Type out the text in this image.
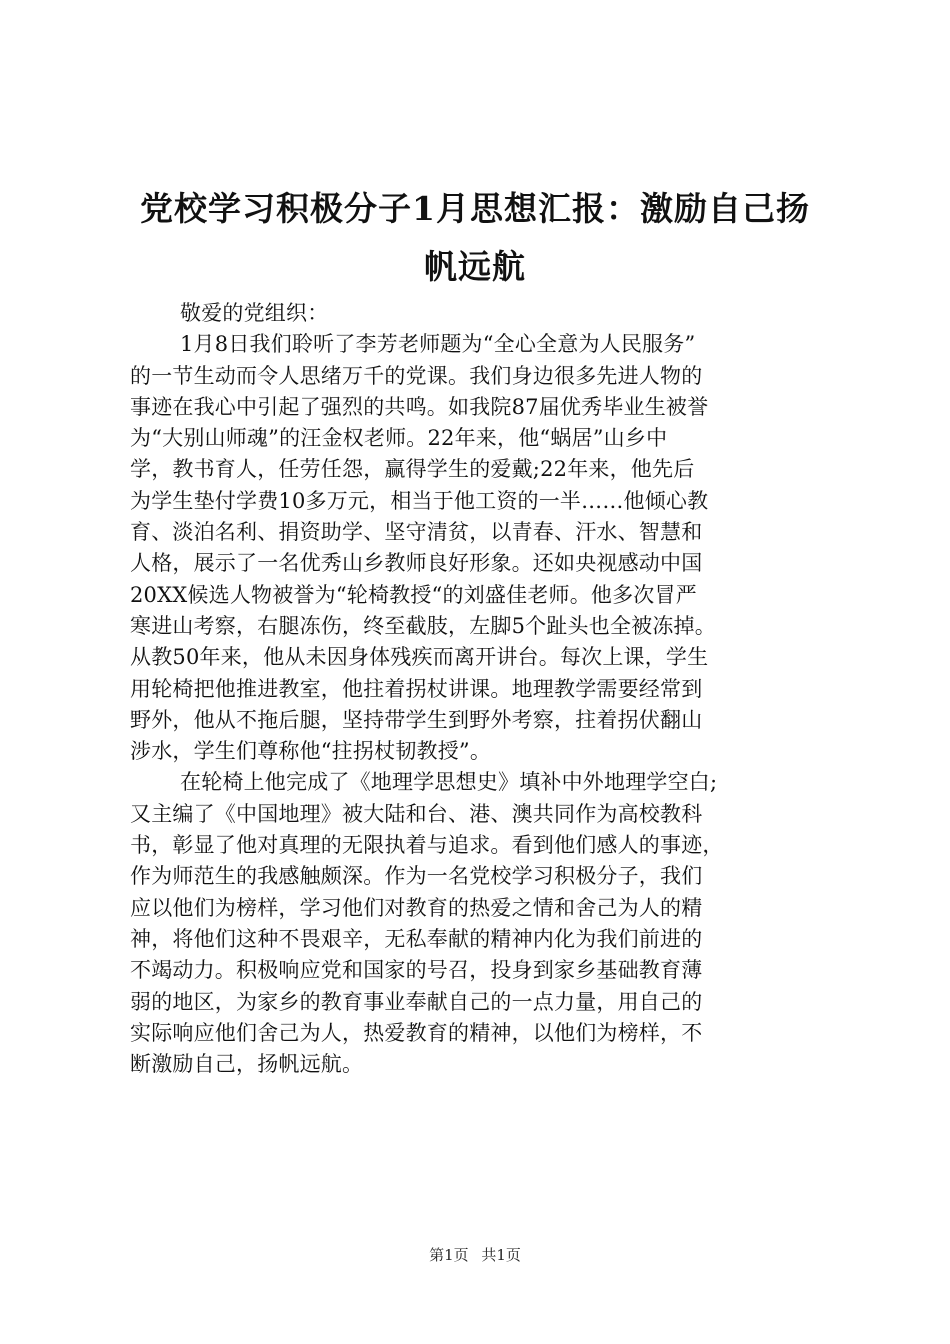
党校学习积极分子1月思想汇报：激励自己扬
帆远航
敬爱的党组织：
1月8日我们聆听了李芳老师题为“全心全意为人民服务”
的一节生动而令人思绪万千的党课。我们身边很多先进人物的
事迹在我心中引起了强烈的共鸣。如我院87届优秀毕业生被誉
为“大别山师魂”的汪金权老师。22年来，他“蜗居”山乡中
学，教书育人，任劳任怨，赢得学生的爱戴;22年来，他先后
为学生垫付学费10多万元，相当于他工资的一半……他倾心教
育、淡泊名利、捐资助学、坚守清贫，以青春、汗水、智慧和
人格，展示了一名优秀山乡教师良好形象。还如央视感动中国
20XX候选人物被誉为“轮椅教授“的刘盛佳老师。他多次冒严
寒进山考察，右腿冻伤，终至截肢，左脚5个趾头也全被冻掉。
从教50年来，他从未因身体残疾而离开讲台。每次上课，学生
用轮椅把他推进教室，他拄着拐杖讲课。地理教学需要经常到
野外，他从不拖后腿，坚持带学生到野外考察，拄着拐伏翻山
涉水，学生们尊称他“拄拐杖韧教授”。
在轮椅上他完成了《地理学思想史》填补中外地理学空白;
又主编了《中国地理》被大陆和台、港、澳共同作为高校教科
书，彰显了他对真理的无限执着与追求。看到他们感人的事迹，
作为师范生的我感触颇深。作为一名党校学习积极分子，我们
应以他们为榜样，学习他们对教育的热爱之情和舍己为人的精
神，将他们这种不畏艰辛，无私奉献的精神内化为我们前进的
不竭动力。积极响应党和国家的号召，投身到家乡基础教育薄
弱的地区，为家乡的教育事业奉献自己的一点力量，用自己的
实际响应他们舍己为人，热爱教育的精神，以他们为榜样，不
断激励自己，扬帆远航。
第1页 共1页
